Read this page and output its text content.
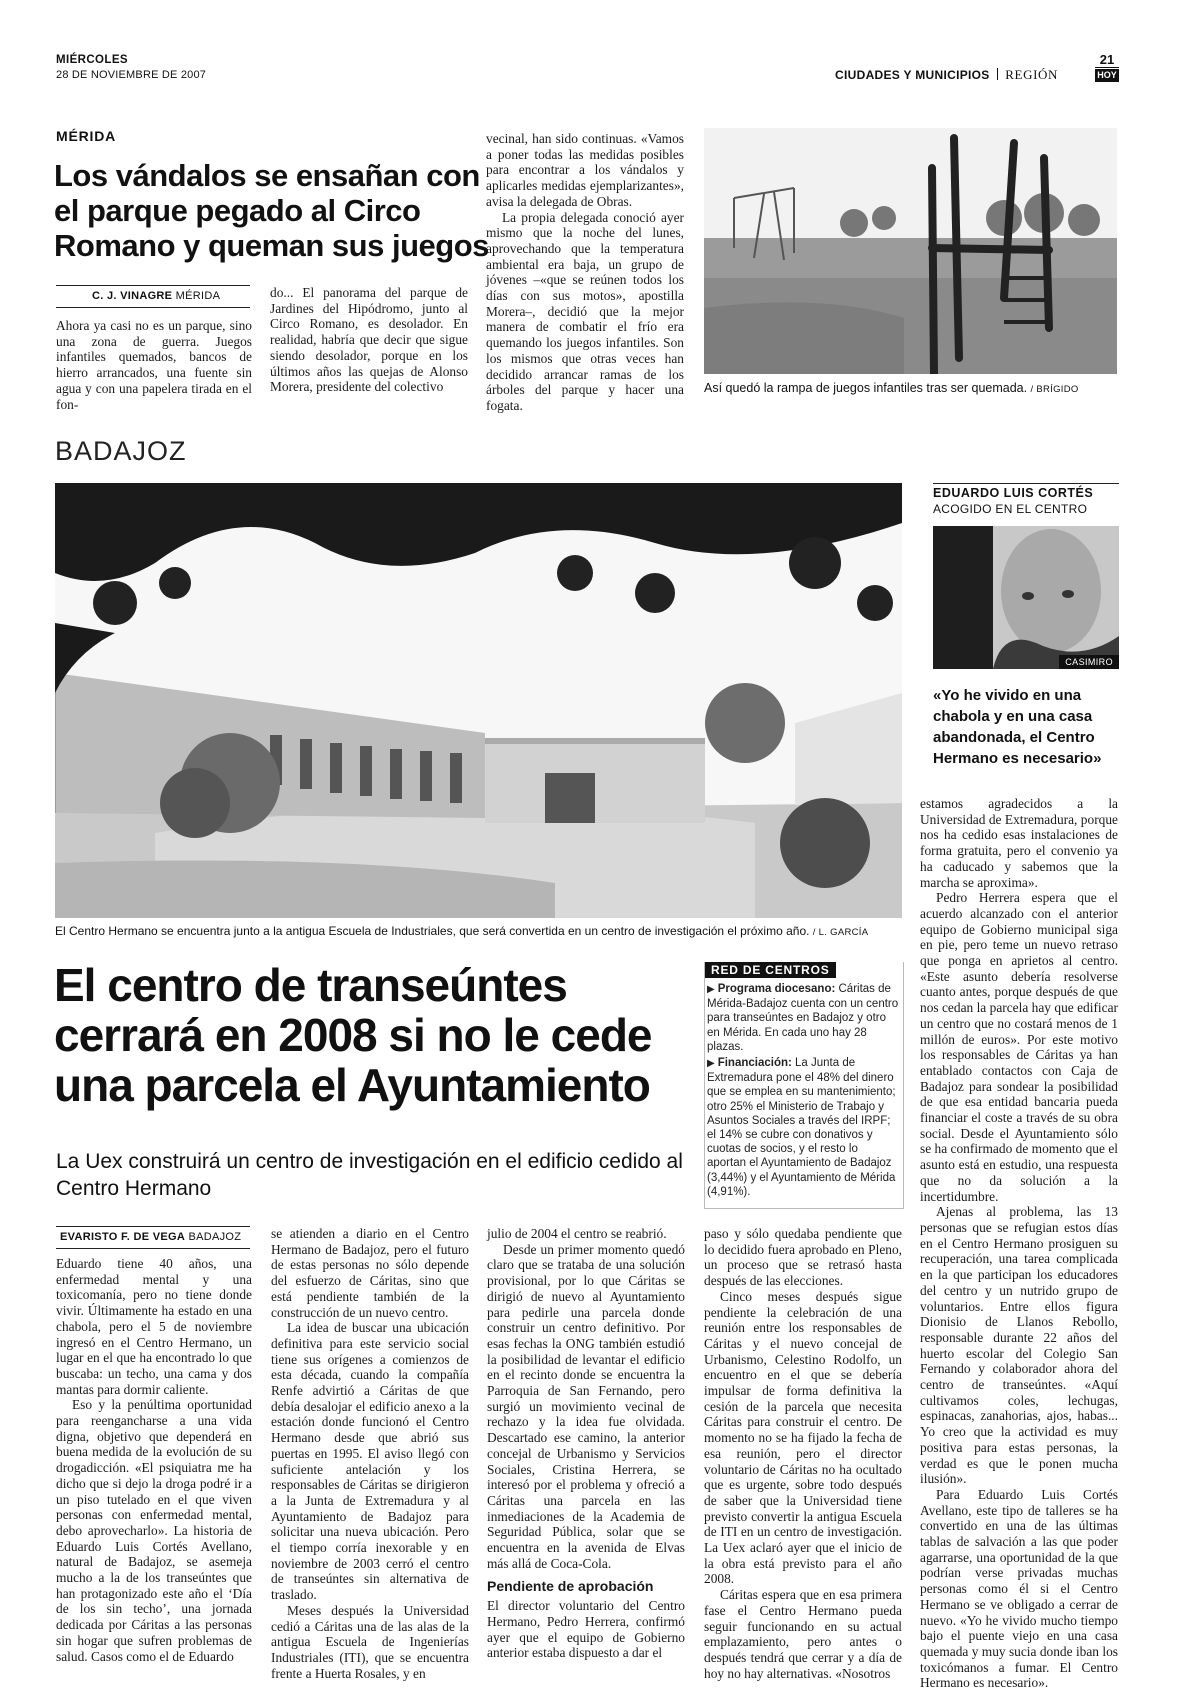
MIÉRCOLES
28 DE NOVIEMBRE DE 2007	CIUDADES Y MUNICIPIOS REGIÓN
21
HOY
MÉRIDA
Los vándalos se ensañan con el parque pegado al Circo Romano y queman sus juegos
C. J. VINAGRE MÉRIDA

Ahora ya casi no es un parque, sino una zona de guerra. Juegos infantiles quemados, bancos de hierro arrancados, una fuente sin agua y con una papelera tirada en el fon-

do... El panorama del parque de Jardines del Hipódromo, junto al Circo Romano, es desolador. En realidad, habría que decir que sigue siendo desolador, porque en los últimos años las quejas de Alonso Morera, presidente del colectivo

vecinal, han sido continuas. «Vamos a poner todas las medidas posibles para encontrar a los vándalos y aplicarles medidas ejemplarizantes», avisa la delegada de Obras.

La propia delegada conoció ayer mismo que la noche del lunes, aprovechando que la temperatura ambiental era baja, un grupo de jóvenes –«que se reúnen todos los días con sus motos», apostilla Morera–, decidió que la mejor manera de combatir el frío era quemando los juegos infantiles. Son los mismos que otras veces han decidido arrancar ramas de los árboles del parque y hacer una fogata.

Así quedó la rampa de juegos infantiles tras ser quemada. / BRÍGIDO
BADAJOZ
El Centro Hermano se encuentra junto a la antigua Escuela de Industriales, que será convertida en un centro de investigación el próximo año. / L. GARCÍA
EDUARDO LUIS CORTÉS
ACOGIDO EN EL CENTRO
CASIMIRO
«Yo he vivido en una chabola y en una casa abandonada, el Centro Hermano es necesario»
El centro de transeúntes cerrará en 2008 si no le cede una parcela el Ayuntamiento
La Uex construirá un centro de investigación en el edificio cedido al Centro Hermano
RED DE CENTROS
▶ Programa diocesano: Cáritas de Mérida-Badajoz cuenta con un centro para transeúntes en Badajoz y otro en Mérida. En cada uno hay 28 plazas.
▶ Financiación: La Junta de Extremadura pone el 48% del dinero que se emplea en su mantenimiento; otro 25% el Ministerio de Trabajo y Asuntos Sociales a través del IRPF; el 14% se cubre con donativos y cuotas de socios, y el resto lo aportan el Ayuntamiento de Badajoz (3,44%) y el Ayuntamiento de Mérida (4,91%).
EVARISTO F. DE VEGA BADAJOZ

Eduardo tiene 40 años, una enfermedad mental y una toxicomanía, pero no tiene donde vivir. Últimamente ha estado en una chabola, pero el 5 de noviembre ingresó en el Centro Hermano, un lugar en el que ha encontrado lo que buscaba: un techo, una cama y dos mantas para dormir caliente.

Eso y la penúltima oportunidad para reengancharse a una vida digna, objetivo que dependerá en buena medida de la evolución de su drogadicción. «El psiquiatra me ha dicho que si dejo la droga podré ir a un piso tutelado en el que viven personas con enfermedad mental, debo aprovecharlo». La historia de Eduardo Luis Cortés Avellano, natural de Badajoz, se asemeja mucho a la de los transeúntes que han protagonizado este año el ‘Día de los sin techo’, una jornada dedicada por Cáritas a las personas sin hogar que sufren problemas de salud. Casos como el de Eduardo

se atienden a diario en el Centro Hermano de Badajoz, pero el futuro de estas personas no sólo depende del esfuerzo de Cáritas, sino que está pendiente también de la construcción de un nuevo centro.

La idea de buscar una ubicación definitiva para este servicio social tiene sus orígenes a comienzos de esta década, cuando la compañía Renfe advirtió a Cáritas de que debía desalojar el edificio anexo a la estación donde funcionó el Centro Hermano desde que abrió sus puertas en 1995. El aviso llegó con suficiente antelación y los responsables de Cáritas se dirigieron a la Junta de Extremadura y al Ayuntamiento de Badajoz para solicitar una nueva ubicación. Pero el tiempo corría inexorable y en noviembre de 2003 cerró el centro de transeúntes sin alternativa de traslado.

Meses después la Universidad cedió a Cáritas una de las alas de la antigua Escuela de Ingenierías Industriales (ITI), que se encuentra frente a Huerta Rosales, y en

julio de 2004 el centro se reabrió.

Desde un primer momento quedó claro que se trataba de una solución provisional, por lo que Cáritas se dirigió de nuevo al Ayuntamiento para pedirle una parcela donde construir un centro definitivo. Por esas fechas la ONG también estudió la posibilidad de levantar el edificio en el recinto donde se encuentra la Parroquia de San Fernando, pero surgió un movimiento vecinal de rechazo y la idea fue olvidada. Descartado ese camino, la anterior concejal de Urbanismo y Servicios Sociales, Cristina Herrera, se interesó por el problema y ofreció a Cáritas una parcela en las inmediaciones de la Academia de Seguridad Pública, solar que se encuentra en la avenida de Elvas más allá de Coca-Cola.

Pendiente de aprobación

El director voluntario del Centro Hermano, Pedro Herrera, confirmó ayer que el equipo de Gobierno anterior estaba dispuesto a dar el

paso y sólo quedaba pendiente que lo decidido fuera aprobado en Pleno, un proceso que se retrasó hasta después de las elecciones.

Cinco meses después sigue pendiente la celebración de una reunión entre los responsables de Cáritas y el nuevo concejal de Urbanismo, Celestino Rodolfo, un encuentro en el que se debería impulsar de forma definitiva la cesión de la parcela que necesita Cáritas para construir el centro. De momento no se ha fijado la fecha de esa reunión, pero el director voluntario de Cáritas no ha ocultado que es urgente, sobre todo después de saber que la Universidad tiene previsto convertir la antigua Escuela de ITI en un centro de investigación. La Uex aclaró ayer que el inicio de la obra está previsto para el año 2008.

Cáritas espera que en esa primera fase el Centro Hermano pueda seguir funcionando en su actual emplazamiento, pero antes o después tendrá que cerrar y a día de hoy no hay alternativas. «Nosotros

estamos agradecidos a la Universidad de Extremadura, porque nos ha cedido esas instalaciones de forma gratuita, pero el convenio ya ha caducado y sabemos que la marcha se aproxima».

Pedro Herrera espera que el acuerdo alcanzado con el anterior equipo de Gobierno municipal siga en pie, pero teme un nuevo retraso que ponga en aprietos al centro. «Este asunto debería resolverse cuanto antes, porque después de que nos cedan la parcela hay que edificar un centro que no costará menos de 1 millón de euros». Por este motivo los responsables de Cáritas ya han entablado contactos con Caja de Badajoz para sondear la posibilidad de que esa entidad bancaria pueda financiar el coste a través de su obra social. Desde el Ayuntamiento sólo se ha confirmado de momento que el asunto está en estudio, una respuesta que no da solución a la incertidumbre.

Ajenas al problema, las 13 personas que se refugian estos días en el Centro Hermano prosiguen su recuperación, una tarea complicada en la que participan los educadores del centro y un nutrido grupo de voluntarios. Entre ellos figura Dionisio de Llanos Rebollo, responsable durante 22 años del huerto escolar del Colegio San Fernando y colaborador ahora del centro de transeúntes. «Aquí cultivamos coles, lechugas, espinacas, zanahorias, ajos, habas... Yo creo que la actividad es muy positiva para estas personas, la verdad es que le ponen mucha ilusión».

Para Eduardo Luis Cortés Avellano, este tipo de talleres se ha convertido en una de las últimas tablas de salvación a las que poder agarrarse, una oportunidad de la que podrían verse privadas muchas personas como él si el Centro Hermano se ve obligado a cerrar de nuevo. «Yo he vivido mucho tiempo bajo el puente viejo en una casa quemada y muy sucia donde iban los toxicómanos a fumar. El Centro Hermano es necesario».
